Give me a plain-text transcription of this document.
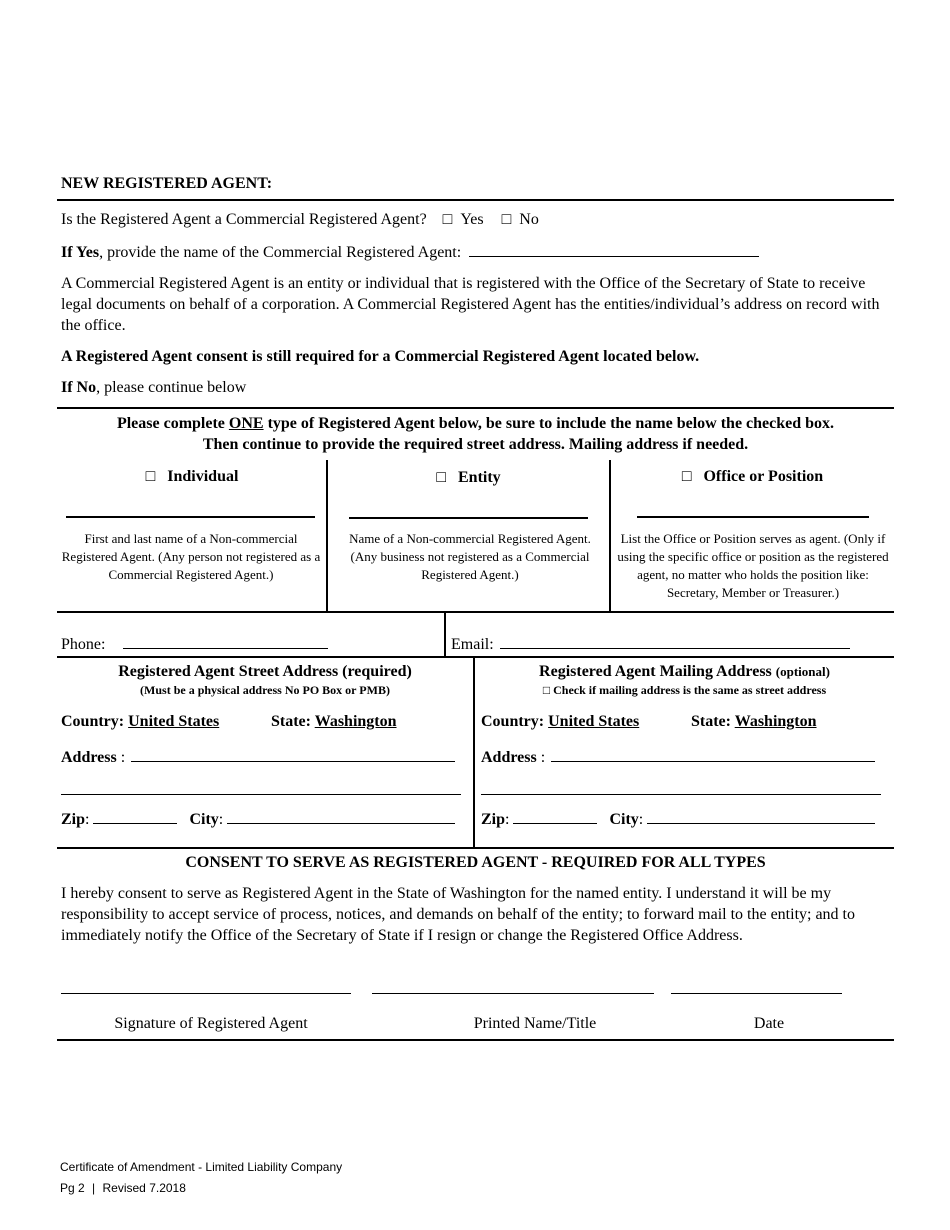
NEW REGISTERED AGENT:
Is the Registered Agent a Commercial Registered Agent? □ Yes □ No
If Yes, provide the name of the Commercial Registered Agent:
A Commercial Registered Agent is an entity or individual that is registered with the Office of the Secretary of State to receive legal documents on behalf of a corporation. A Commercial Registered Agent has the entities/individual’s address on record with the office.
A Registered Agent consent is still required for a Commercial Registered Agent located below.
If No, please continue below
Please complete ONE type of Registered Agent below, be sure to include the name below the checked box.
Then continue to provide the required street address. Mailing address if needed.
□ Individual
First and last name of a Non-commercial Registered Agent. (Any person not registered as a Commercial Registered Agent.)
□ Entity
Name of a Non-commercial Registered Agent. (Any business not registered as a Commercial Registered Agent.)
□ Office or Position
List the Office or Position serves as agent. (Only if using the specific office or position as the registered agent, no matter who holds the position like: Secretary, Member or Treasurer.)
Phone:	Email:
Registered Agent Street Address (required)
(Must be a physical address No PO Box or PMB)
Country: United States	State: Washington
Address :
Zip:	City:
Registered Agent Mailing Address (optional)
□ Check if mailing address is the same as street address
Country: United States	State: Washington
Address :
Zip:	City:
CONSENT TO SERVE AS REGISTERED AGENT - REQUIRED FOR ALL TYPES
I hereby consent to serve as Registered Agent in the State of Washington for the named entity. I understand it will be my responsibility to accept service of process, notices, and demands on behalf of the entity; to forward mail to the entity; and to immediately notify the Office of the Secretary of State if I resign or change the Registered Office Address.
Signature of Registered Agent	Printed Name/Title	Date
Certificate of Amendment - Limited Liability Company
Pg 2 | Revised 7.2018
